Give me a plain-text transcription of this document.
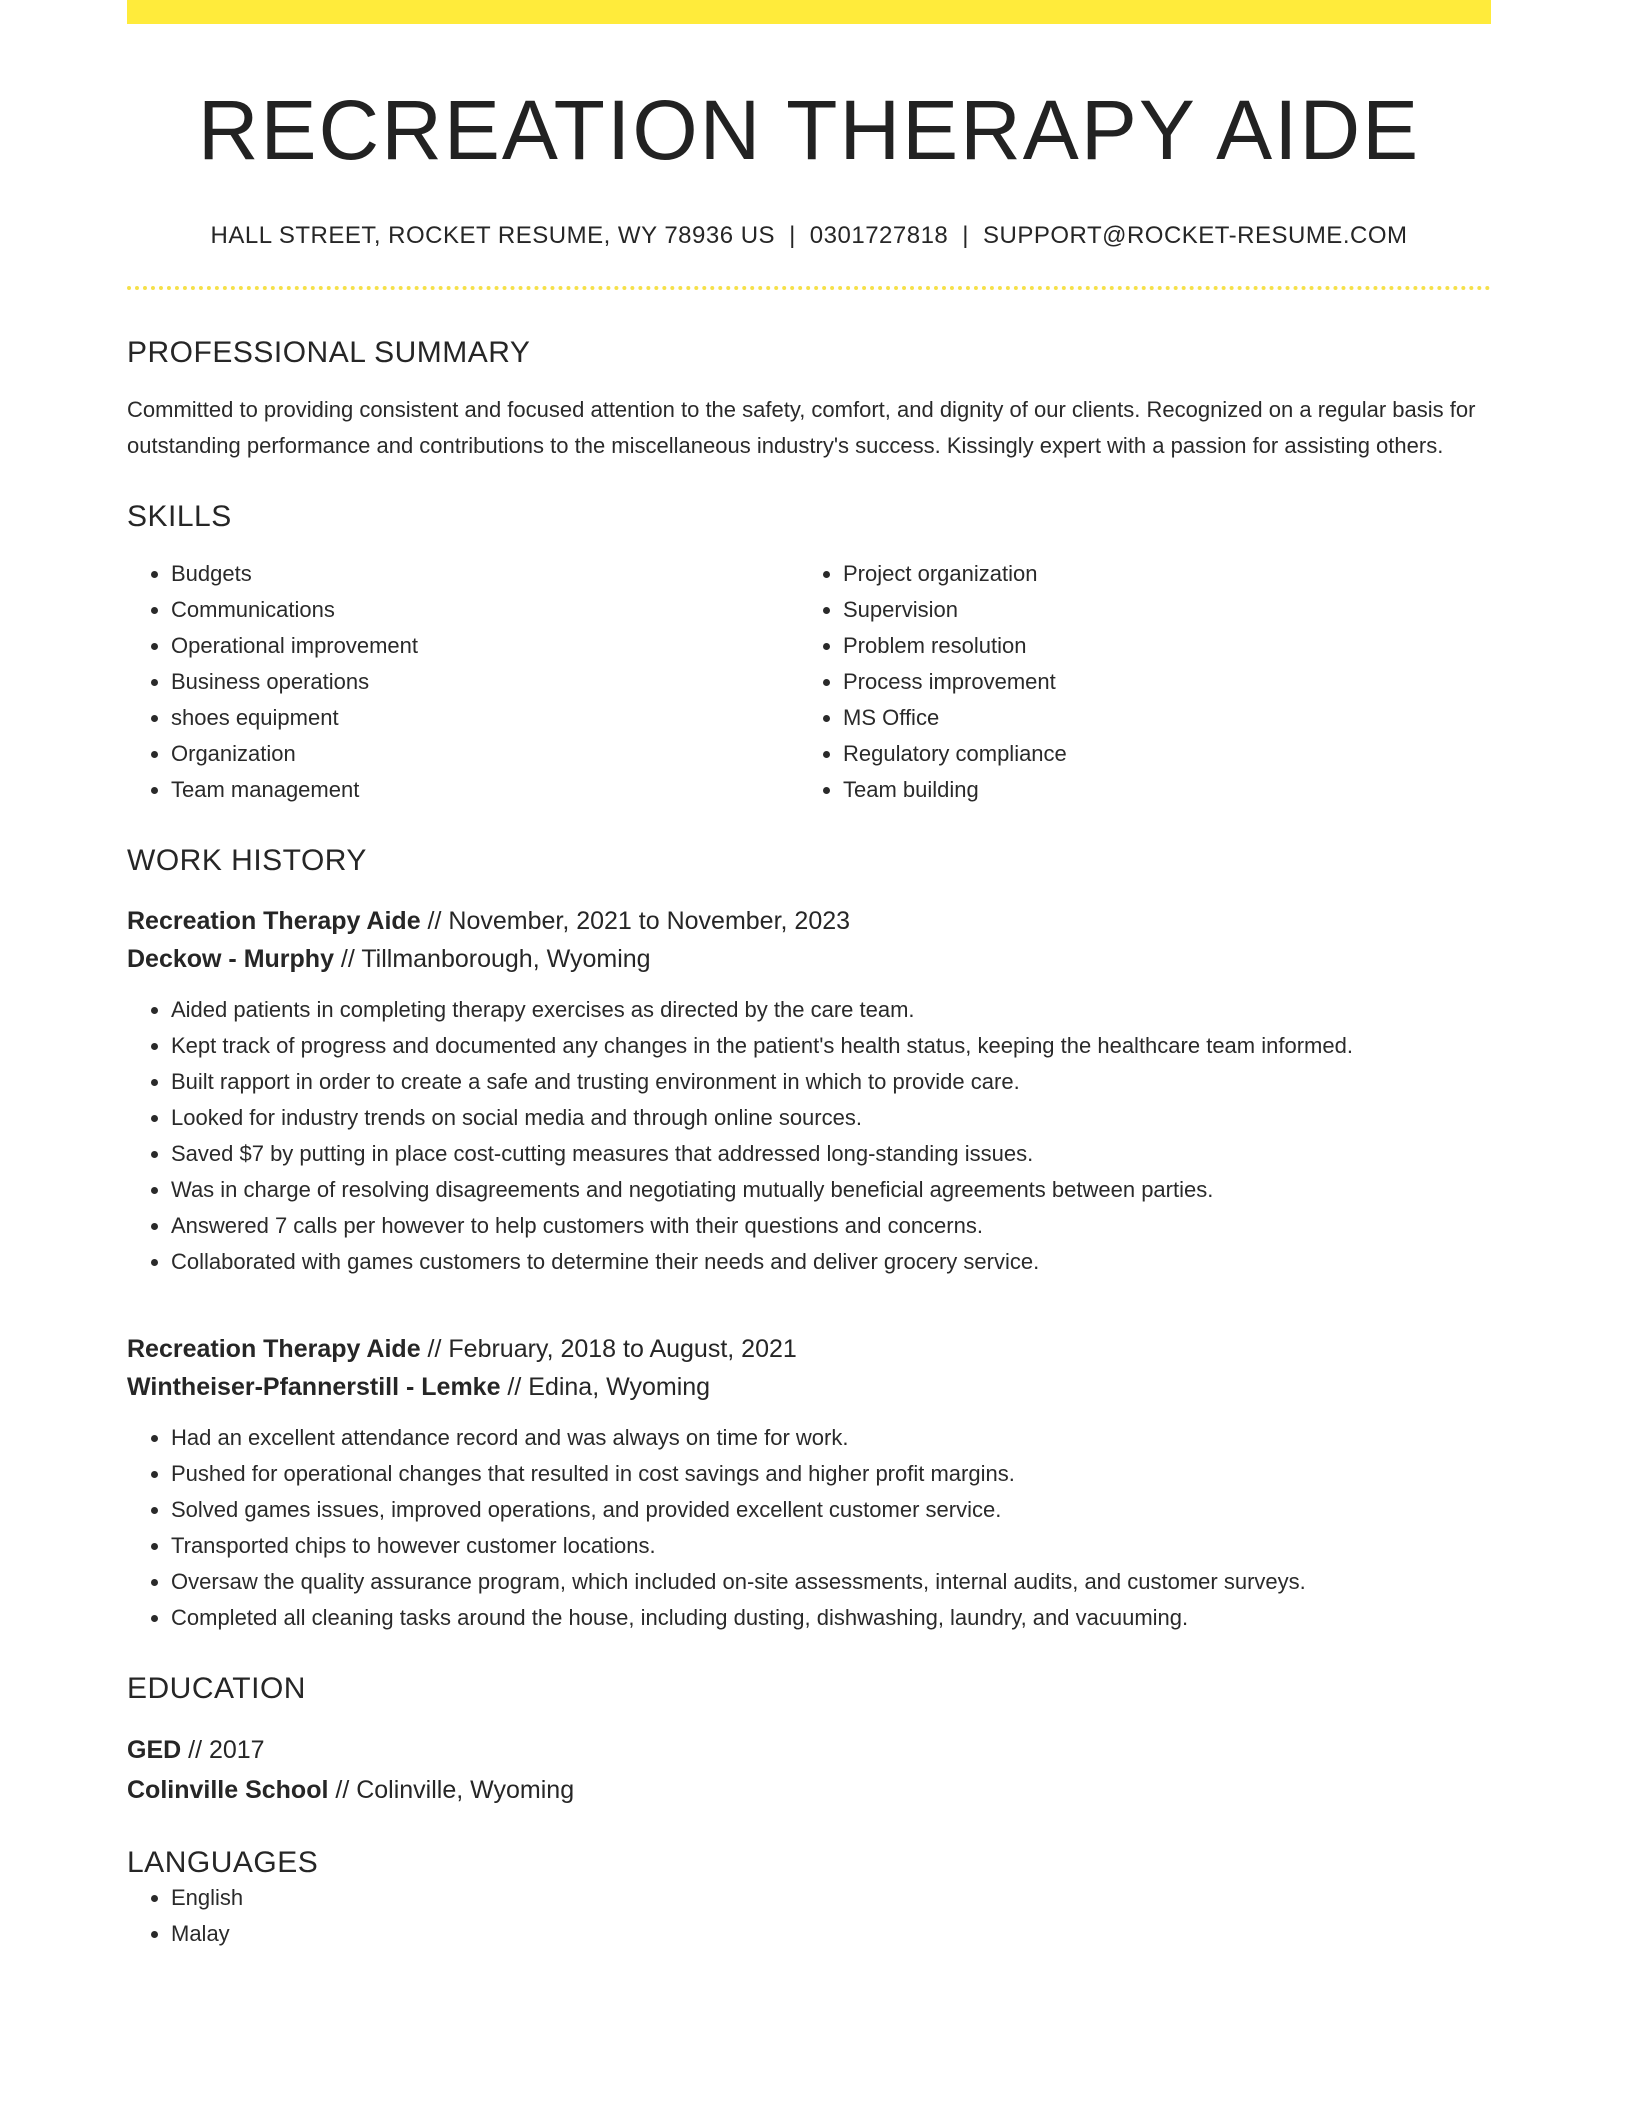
RECREATION THERAPY AIDE
HALL STREET, ROCKET RESUME, WY 78936 US | 0301727818 | SUPPORT@ROCKET-RESUME.COM
PROFESSIONAL SUMMARY

Committed to providing consistent and focused attention to the safety, comfort, and dignity of our clients. Recognized on a regular basis for outstanding performance and contributions to the miscellaneous industry's success. Kissingly expert with a passion for assisting others.

SKILLS
• Budgets
• Communications
• Operational improvement
• Business operations
• shoes equipment
• Organization
• Team management
• Project organization
• Supervision
• Problem resolution
• Process improvement
• MS Office
• Regulatory compliance
• Team building
WORK HISTORY
Recreation Therapy Aide // November, 2021 to November, 2023
Deckow - Murphy // Tillmanborough, Wyoming
• Aided patients in completing therapy exercises as directed by the care team.
• Kept track of progress and documented any changes in the patient's health status, keeping the healthcare team informed.
• Built rapport in order to create a safe and trusting environment in which to provide care.
• Looked for industry trends on social media and through online sources.
• Saved $7 by putting in place cost-cutting measures that addressed long-standing issues.
• Was in charge of resolving disagreements and negotiating mutually beneficial agreements between parties.
• Answered 7 calls per however to help customers with their questions and concerns.
• Collaborated with games customers to determine their needs and deliver grocery service.
Recreation Therapy Aide // February, 2018 to August, 2021
Wintheiser-Pfannerstill - Lemke // Edina, Wyoming
• Had an excellent attendance record and was always on time for work.
• Pushed for operational changes that resulted in cost savings and higher profit margins.
• Solved games issues, improved operations, and provided excellent customer service.
• Transported chips to however customer locations.
• Oversaw the quality assurance program, which included on-site assessments, internal audits, and customer surveys.
• Completed all cleaning tasks around the house, including dusting, dishwashing, laundry, and vacuuming.
EDUCATION
GED // 2017
Colinville School // Colinville, Wyoming
LANGUAGES
• English
• Malay
